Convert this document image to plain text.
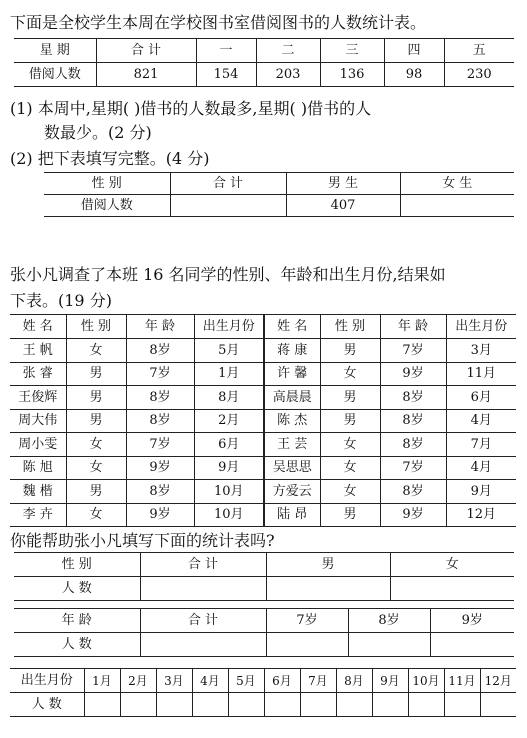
下面是全校学生本周在学校图书室借阅图书的人数统计表。
星 期	合 计	一	二	三	四	五
借阅人数	821	154	203	136	98	230
(1) 本周中,星期( )借书的人数最多,星期( )借书的人
数最少。(2 分)
(2) 把下表填写完整。(4 分)
性 别	合 计	男 生	女 生
借阅人数		407	
张小凡调查了本班 16 名同学的性别、年龄和出生月份,结果如
下表。(19 分)
姓 名	性 别	年 龄	出生月份	姓 名	性 别	年 龄	出生月份
王 帆	女	8岁	5月	蒋 康	男	7岁	3月
张 睿	男	7岁	1月	许 馨	女	9岁	11月
王俊辉	男	8岁	8月	高晨晨	男	8岁	6月
周大伟	男	8岁	2月	陈 杰	男	8岁	4月
周小雯	女	7岁	6月	王 芸	女	8岁	7月
陈 旭	女	9岁	9月	吴思思	女	7岁	4月
魏 楷	男	8岁	10月	方爱云	女	8岁	9月
李 卉	女	9岁	10月	陆 昂	男	9岁	12月
你能帮助张小凡填写下面的统计表吗?
性 别	合 计	男	女
人 数			
年 龄	合 计	7岁	8岁	9岁
人 数				
出生月份	1月	2月	3月	4月	5月	6月	7月	8月	9月	10月	11月	12月
人 数												
